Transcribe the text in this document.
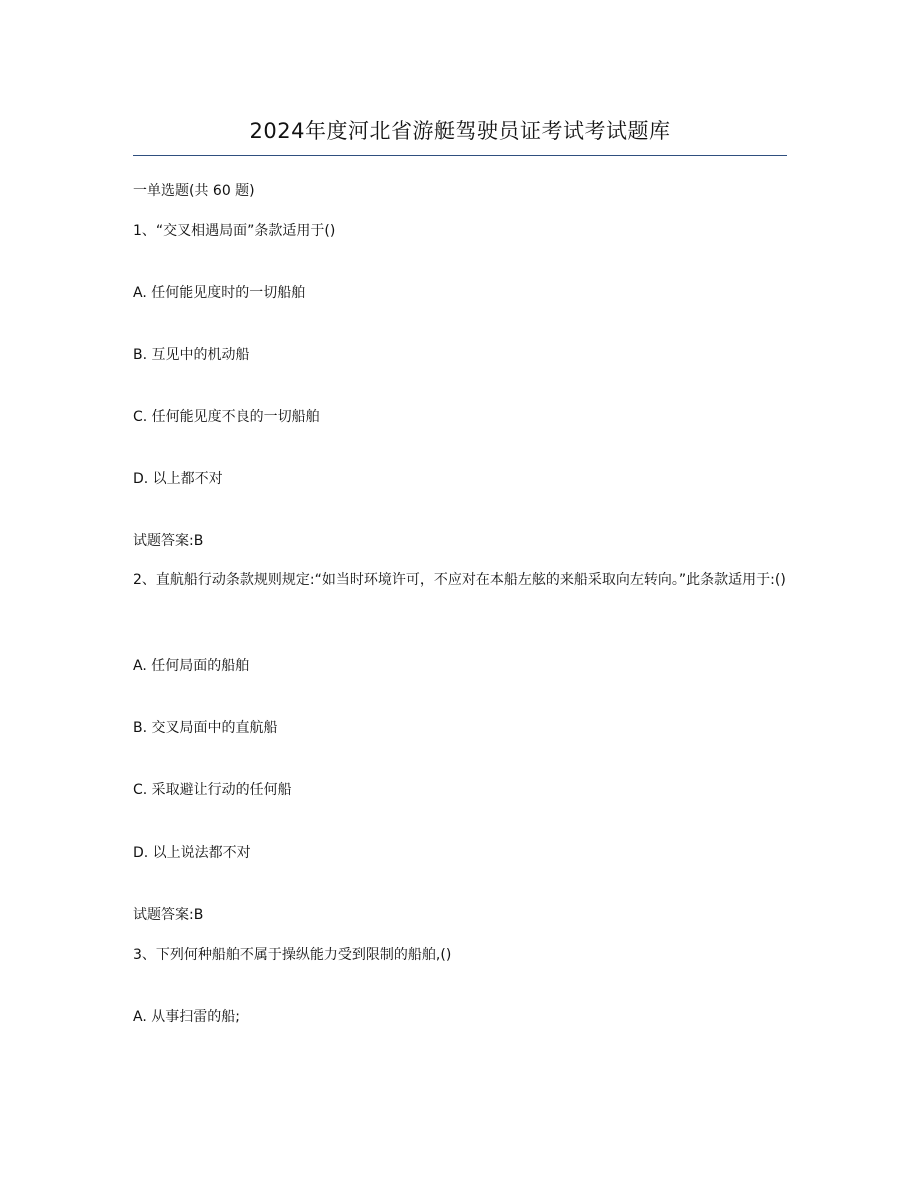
2024年度河北省游艇驾驶员证考试考试题库
一单选题(共 60 题)
1、“交叉相遇局面”条款适用于()
A. 任何能见度时的一切船舶
B. 互见中的机动船
C. 任何能见度不良的一切船舶
D. 以上都不对
试题答案:B
2、直航船行动条款规则规定:“如当时环境许可，不应对在本船左舷的来船采取向左转向。”此条款适用于:()
A. 任何局面的船舶
B. 交叉局面中的直航船
C. 采取避让行动的任何船
D. 以上说法都不对
试题答案:B
3、下列何种船舶不属于操纵能力受到限制的船舶,()
A. 从事扫雷的船;
